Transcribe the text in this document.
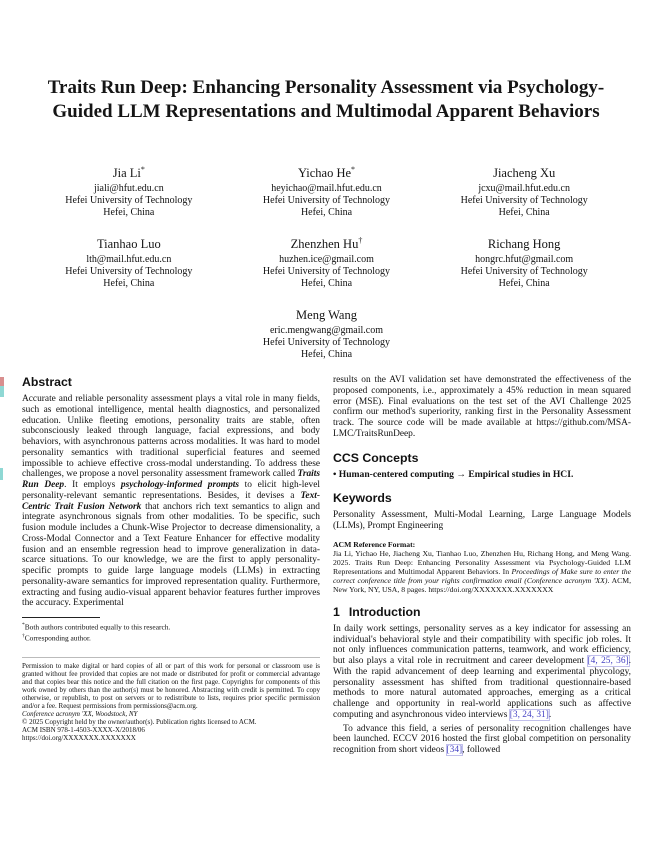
Traits Run Deep: Enhancing Personality Assessment via Psychology-Guided LLM Representations and Multimodal Apparent Behaviors
Jia Li*
jiali@hfut.edu.cn
Hefei University of Technology
Hefei, China
Yichao He*
heyichao@mail.hfut.edu.cn
Hefei University of Technology
Hefei, China
Jiacheng Xu
jcxu@mail.hfut.edu.cn
Hefei University of Technology
Hefei, China
Tianhao Luo
lth@mail.hfut.edu.cn
Hefei University of Technology
Hefei, China
Zhenzhen Hu†
huzhen.ice@gmail.com
Hefei University of Technology
Hefei, China
Richang Hong
hongrc.hfut@gmail.com
Hefei University of Technology
Hefei, China
Meng Wang
eric.mengwang@gmail.com
Hefei University of Technology
Hefei, China
Abstract

Accurate and reliable personality assessment plays a vital role in many fields, such as emotional intelligence, mental health diagnostics, and personalized education. Unlike fleeting emotions, personality traits are stable, often subconsciously leaked through language, facial expressions, and body behaviors, with asynchronous patterns across modalities. It was hard to model personality semantics with traditional superficial features and seemed impossible to achieve effective cross-modal understanding. To address these challenges, we propose a novel personality assessment framework called Traits Run Deep. It employs psychology-informed prompts to elicit high-level personality-relevant semantic representations. Besides, it devises a Text-Centric Trait Fusion Network that anchors rich text semantics to align and integrate asynchronous signals from other modalities. To be specific, such fusion module includes a Chunk-Wise Projector to decrease dimensionality, a Cross-Modal Connector and a Text Feature Enhancer for effective modality fusion and an ensemble regression head to improve generalization in data-scarce situations. To our knowledge, we are the first to apply personality-specific prompts to guide large language models (LLMs) in extracting personality-aware semantics for improved representation quality. Furthermore, extracting and fusing audio-visual apparent behavior features further improves the accuracy. Experimental

*Both authors contributed equally to this research.

†Corresponding author.

Permission to make digital or hard copies of all or part of this work for personal or classroom use is granted without fee provided that copies are not made or distributed for profit or commercial advantage and that copies bear this notice and the full citation on the first page. Copyrights for components of this work owned by others than the author(s) must be honored. Abstracting with credit is permitted. To copy otherwise, or republish, to post on servers or to redistribute to lists, requires prior specific permission and/or a fee. Request permissions from permissions@acm.org.

Conference acronym 'XX, Woodstock, NY

© 2025 Copyright held by the owner/author(s). Publication rights licensed to ACM.

ACM ISBN 978-1-4503-XXXX-X/2018/06

https://doi.org/XXXXXXX.XXXXXXX

results on the AVI validation set have demonstrated the effectiveness of the proposed components, i.e., approximately a 45% reduction in mean squared error (MSE). Final evaluations on the test set of the AVI Challenge 2025 confirm our method's superiority, ranking first in the Personality Assessment track. The source code will be made available at https://github.com/MSA-LMC/TraitsRunDeep.

CCS Concepts

• Human-centered computing → Empirical studies in HCI.

Keywords

Personality Assessment, Multi-Modal Learning, Large Language Models (LLMs), Prompt Engineering

ACM Reference Format:
Jia Li, Yichao He, Jiacheng Xu, Tianhao Luo, Zhenzhen Hu, Richang Hong, and Meng Wang. 2025. Traits Run Deep: Enhancing Personality Assessment via Psychology-Guided LLM Representations and Multimodal Apparent Behaviors. In Proceedings of Make sure to enter the correct conference title from your rights confirmation email (Conference acronym 'XX). ACM, New York, NY, USA, 8 pages. https://doi.org/XXXXXXX.XXXXXXX

1 Introduction

In daily work settings, personality serves as a key indicator for assessing an individual's behavioral style and their compatibility with specific job roles. It not only influences communication patterns, teamwork, and work efficiency, but also plays a vital role in recruitment and career development [4, 25, 36]. With the rapid advancement of deep learning and experimental phycology, personality assessment has shifted from traditional questionnaire-based methods to more natural automated approaches, emerging as a critical challenge and opportunity in real-world applications such as affective computing and asynchronous video interviews [3, 24, 31].

To advance this field, a series of personality recognition challenges have been launched. ECCV 2016 hosted the first global competition on personality recognition from short videos [34], followed
